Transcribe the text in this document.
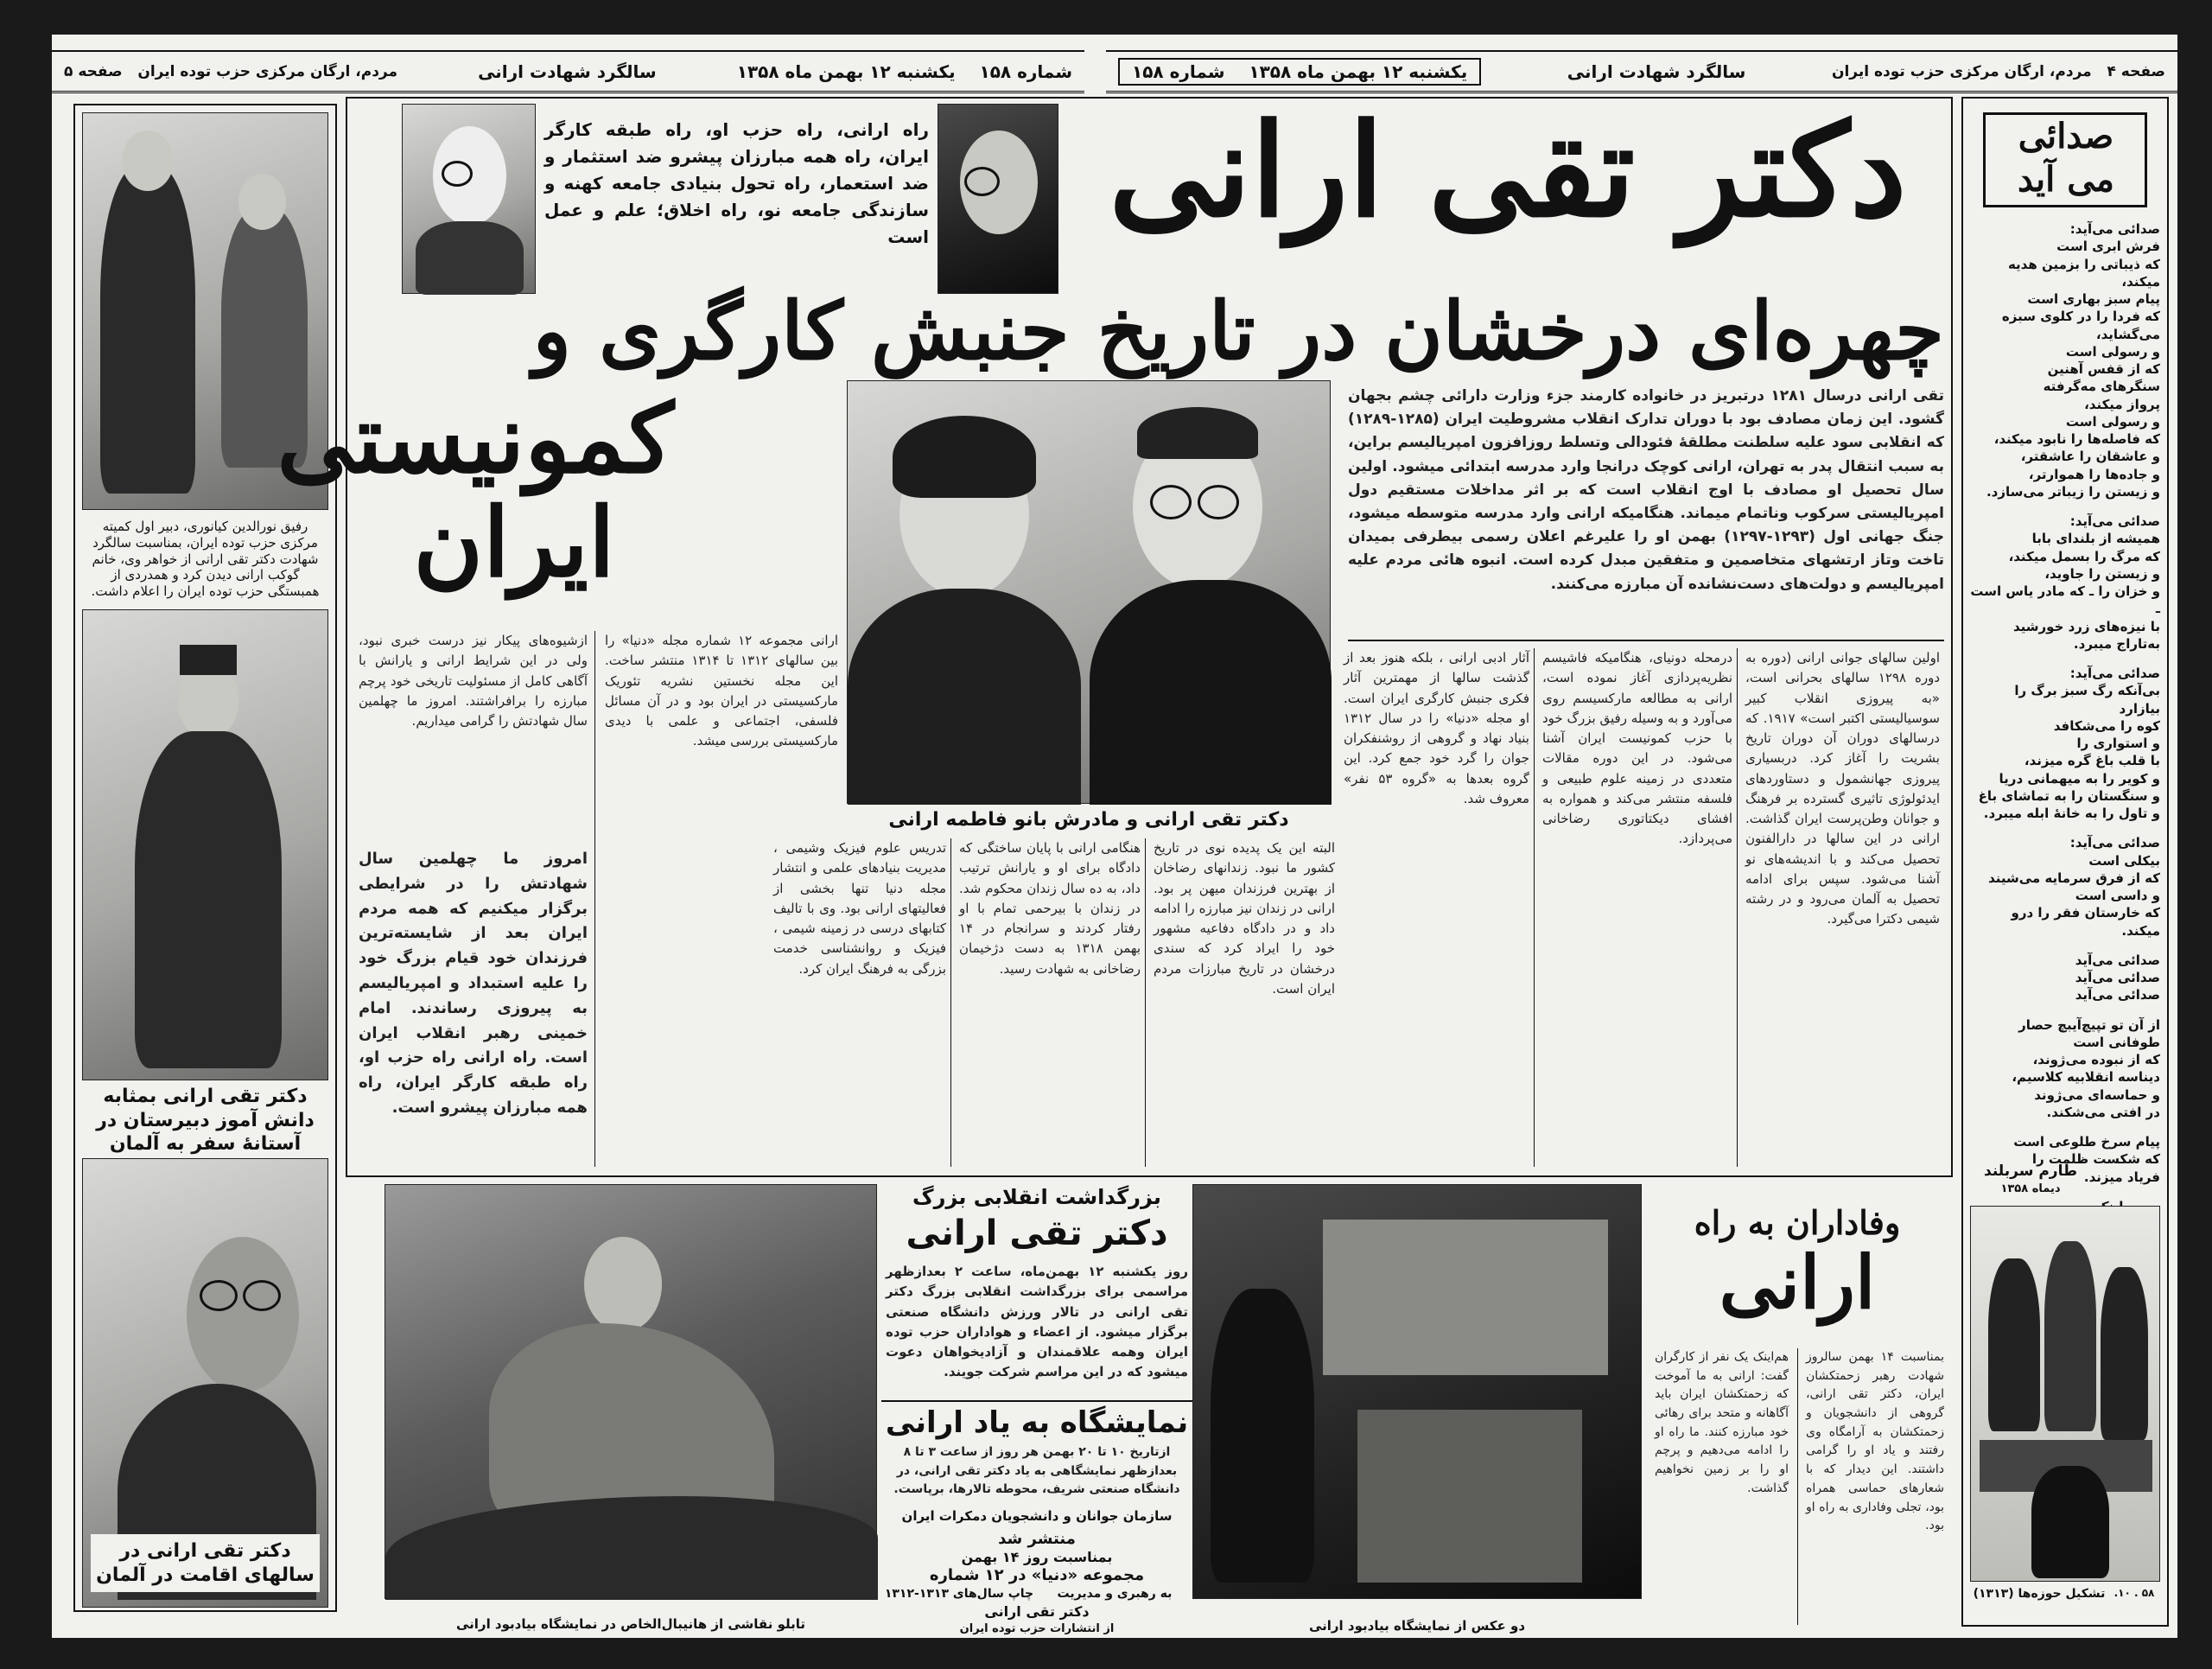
صفحه ۴   مردم، ارگان مرکزی حزب توده ایران
سالگرد شهادت ارانی
یکشنبه ۱۲ بهمن ماه ۱۳۵۸    شماره ۱۵۸
شماره ۱۵۸    یکشنبه ۱۲ بهمن ماه ۱۳۵۸
سالگرد شهادت ارانی
مردم، ارگان مرکزی حزب توده ایران   صفحه ۵
رفیق نورالدین کیانوری، دبیر اول کمیته مرکزی حزب توده ایران، بمناسبت سالگرد شهادت دکتر تقی ارانی از خواهر وی، خانم گوکب ارانی دیدن کرد و همدردی از همبستگی حزب توده ایران را اعلام داشت.
دکتر تقی ارانی بمثابه دانش آموز دبیرستان در آستانهٔ سفر به آلمان
دکتر تقی ارانی در سالهای اقامت در آلمان
راه ارانی، راه حزب او، راه طبقه کارگر ایران، راه همه مبارزان پیشرو ضد استثمار و ضد استعمار، راه تحول بنیادی جامعه کهنه و سازندگی جامعه نو، راه اخلاق؛ علم و عمل است دکتر تقی ارانی
چهره‌ای درخشان در تاریخ جنبش کارگری و
کمونیستی
ایران
دکتر تقی ارانی و مادرش بانو فاطمه ارانی
تقی ارانی درسال ۱۲۸۱ درتبریز در خانواده کارمند جزء وزارت دارائی چشم بجهان گشود. این زمان مصادف بود با دوران تدارک انقلاب مشروطیت ایران (۱۲۸۵-۱۲۸۹) که انقلابی سود علیه سلطنت مطلقهٔ فئودالی وتسلط روزافزون امپریالیسم براین، به سبب انتقال پدر به تهران، ارانی کوچک درانجا وارد مدرسه ابتدائی میشود. اولین سال تحصیل او مصادف با اوج انقلاب است که بر اثر مداخلات مستقیم دول امپریالیستی سرکوب وناتمام میماند. هنگامیکه ارانی وارد مدرسه متوسطه میشود، جنگ جهانی اول (۱۲۹۳-۱۲۹۷) بهمن او را علیرغم اعلان رسمی بیطرفی بمیدان تاخت وتاز ارتشهای متخاصمین و متفقین مبدل کرده است. انبوه هائی مردم علیه امپریالیسم و دولت‌های دست‌نشانده آن مبارزه می‌کنند.
اولین سالهای جوانی ارانی (دوره به دوره ۱۲۹۸ سالهای بحرانی است، «به پیروزی انقلاب کبیر سوسیالیستی اکتبر است» ۱۹۱۷. که درسالهای دوران آن دوران تاریخ بشریت را آغاز کرد. دربسیاری پیروزی جهانشمول و دستاوردهای ایدئولوژی تاثیری گسترده بر فرهنگ و جوانان وطن‌پرست ایران گذاشت. ارانی در این سالها در دارالفنون تحصیل می‌کند و با اندیشه‌های نو آشنا می‌شود. سپس برای ادامه تحصیل به آلمان می‌رود و در رشته شیمی دکترا می‌گیرد.
درمحله دونیای، هنگامیکه فاشیسم نظریه‌پردازی آغاز نموده است، ارانی به مطالعه مارکسیسم روی می‌آورد و به وسیله رفیق بزرگ خود با حزب کمونیست ایران آشنا می‌شود. در این دوره مقالات متعددی در زمینه علوم طبیعی و فلسفه منتشر می‌کند و همواره به افشای دیکتاتوری رضاخانی می‌پردازد.
آثار ادبی ارانی ، بلکه هنوز بعد از گذشت سالها از مهمترین آثار فکری جنبش کارگری ایران است. او مجله «دنیا» را در سال ۱۳۱۲ بنیاد نهاد و گروهی از روشنفکران جوان را گرد خود جمع کرد. این گروه بعدها به «گروه ۵۳ نفر» معروف شد.
البته این یک پدیده نوی در تاریخ کشور ما نبود. زندانهای رضاخان از بهترین فرزندان میهن پر بود. ارانی در زندان نیز مبارزه را ادامه داد و در دادگاه دفاعیه مشهور خود را ایراد کرد که سندی درخشان در تاریخ مبارزات مردم ایران است.
هنگامی ارانی با پایان ساختگی که دادگاه برای او و یارانش ترتیب داد، به ده سال زندان محکوم شد. در زندان با بیرحمی تمام با او رفتار کردند و سرانجام در ۱۴ بهمن ۱۳۱۸ به دست دژخیمان رضاخانی به شهادت رسید.
تدریس علوم فیزیک وشیمی ، مدیریت بنیادهای علمی و انتشار مجله دنیا تنها بخشی از فعالیتهای ارانی بود. وی با تالیف کتابهای درسی در زمینه شیمی ، فیزیک و روانشناسی خدمت بزرگی به فرهنگ ایران کرد.
ارانی مجموعه ۱۲ شماره مجله «دنیا» را بین سالهای ۱۳۱۲ تا ۱۳۱۴ منتشر ساخت. این مجله نخستین نشریه تئوریک مارکسیستی در ایران بود و در آن مسائل فلسفی، اجتماعی و علمی با دیدی مارکسیستی بررسی میشد.
ازشیوه‌های پیکار نیز درست خبری نبود، ولی در این شرایط ارانی و یارانش با آگاهی کامل از مسئولیت تاریخی خود پرچم مبارزه را برافراشتند. امروز ما چهلمین سال شهادتش را گرامی میداریم.
امروز ما چهلمین سال شهادتش را در شرایطی برگزار میکنیم که همه مردم ایران بعد از شایسته‌ترین فرزندان خود قیام بزرگ خود را علیه استبداد و امپریالیسم به پیروزی رساندند. امام خمینی رهبر انقلاب ایران است. راه ارانی راه حزب او، راه طبقه کارگر ایران، راه همه مبارزان پیشرو است.
تابلو نقاشی از هانیبال‌الخاص در نمایشگاه بیادبود ارانی
بزرگداشت انقلابی بزرگ
دکتر تقی ارانی
روز یکشنبه ۱۲ بهمن‌ماه، ساعت ۲ بعدازظهر مراسمی برای بزرگداشت انقلابی بزرگ دکتر تقی ارانی در تالار ورزش دانشگاه صنعتی برگزار میشود. از اعضاء و هواداران حزب توده ایران وهمه علاقمندان و آزاد‌یخواهان دعوت میشود که در این مراسم شرکت جویند.
نمایشگاه به یاد ارانی
ازتاریخ ۱۰ تا ۲۰ بهمن هر روز از ساعت ۳ تا ۸ بعدازظهر نمایشگاهی به یاد دکتر تقی ارانی، در دانشگاه صنعتی شریف، محوطه تالارها، برپاست.
سازمان جوانان و دانشجویان دمکرات ایران
منتشر شد
بمناسبت روز ۱۴ بهمن
مجموعه «دنیا» در ۱۲ شماره
چاپ سال‌های ۱۳۱۳-۱۳۱۲	به رهبری و مدیریت
دکتر تقی ارانی
از انتشارات حزب توده ایران	دو عکس از نمایشگاه بیادبود ارانی
وفاداران به راه
ارانی
بمناسبت ۱۴ بهمن سالروز شهادت رهبر زحمتکشان ایران، دکتر تقی ارانی، گروهی از دانشجویان و زحمتکشان به آرامگاه وی رفتند و یاد او را گرامی داشتند. این دیدار که با شعارهای حماسی همراه بود، تجلی وفاداری به راه او بود.
هم‌اینک یک نفر از کارگران گفت: ارانی به ما آموخت که زحمتکشان ایران باید آگاهانه و متحد برای رهائی خود مبارزه کنند. ما راه او را ادامه می‌دهیم و پرچم او را بر زمین نخواهیم گذاشت.
صدائی
می آید

صدائی می‌آید:
فرش ابری است
که ذیباتی را بزمین هدیه میکند،
پیام سبز بهاری است
که فردا را در کلوی سبزه می‌گشاید،
و رسولی است
که از قفس آهنین
سنگرهای مه‌گرفته
پرواز میکند،
و رسولی است
که فاصله‌ها را نابود میکند،
و عاشقان را عاشقتر،
و جاده‌ها را هموارتر،
و زیستن را زیباتر می‌سازد.

صدائی می‌آید:
همیشه از بلندای بابا
که مرگ را بسمل میکند،
و زیستن را جاوید،
و خزان را ـ که مادر یاس است ـ
با نیزه‌های زرد خورشید
به‌تاراج میبرد.

صدائی می‌آید:
بی‌آنکه رگ سبز برگ را بیازارد
کوه را می‌شکافد
و استواری را
با قلب باغ گره میزند،
و کویر را به میهمانی دریا
و سنگستان را به تماشای باغ
و تاول را به خانهٔ ابله میبرد.

صدائی می‌آید:
بیکلی است
که از فرق سرمایه می‌شیند
و داسی است
که خارستان فقر را درو میکند.

صدائی می‌آید
صدائی می‌آید
صدائی می‌آید

از آن تو تپیچ‌آیبچ حصار
طوفانی است
که از نبوده می‌ژوند،
دیناسه انقلابیه کلاسیم،
و حماسه‌ای می‌ژوند
در افتی می‌شکند.

پیام سرخ طلوعی است
که شکست ظلمت را
فریاد میزند.

طارم سربلند
دیماه ۱۳۵۸
تشکیل حوزه‌ها (۱۳۱۳) ۵۸ . ۱۰.
